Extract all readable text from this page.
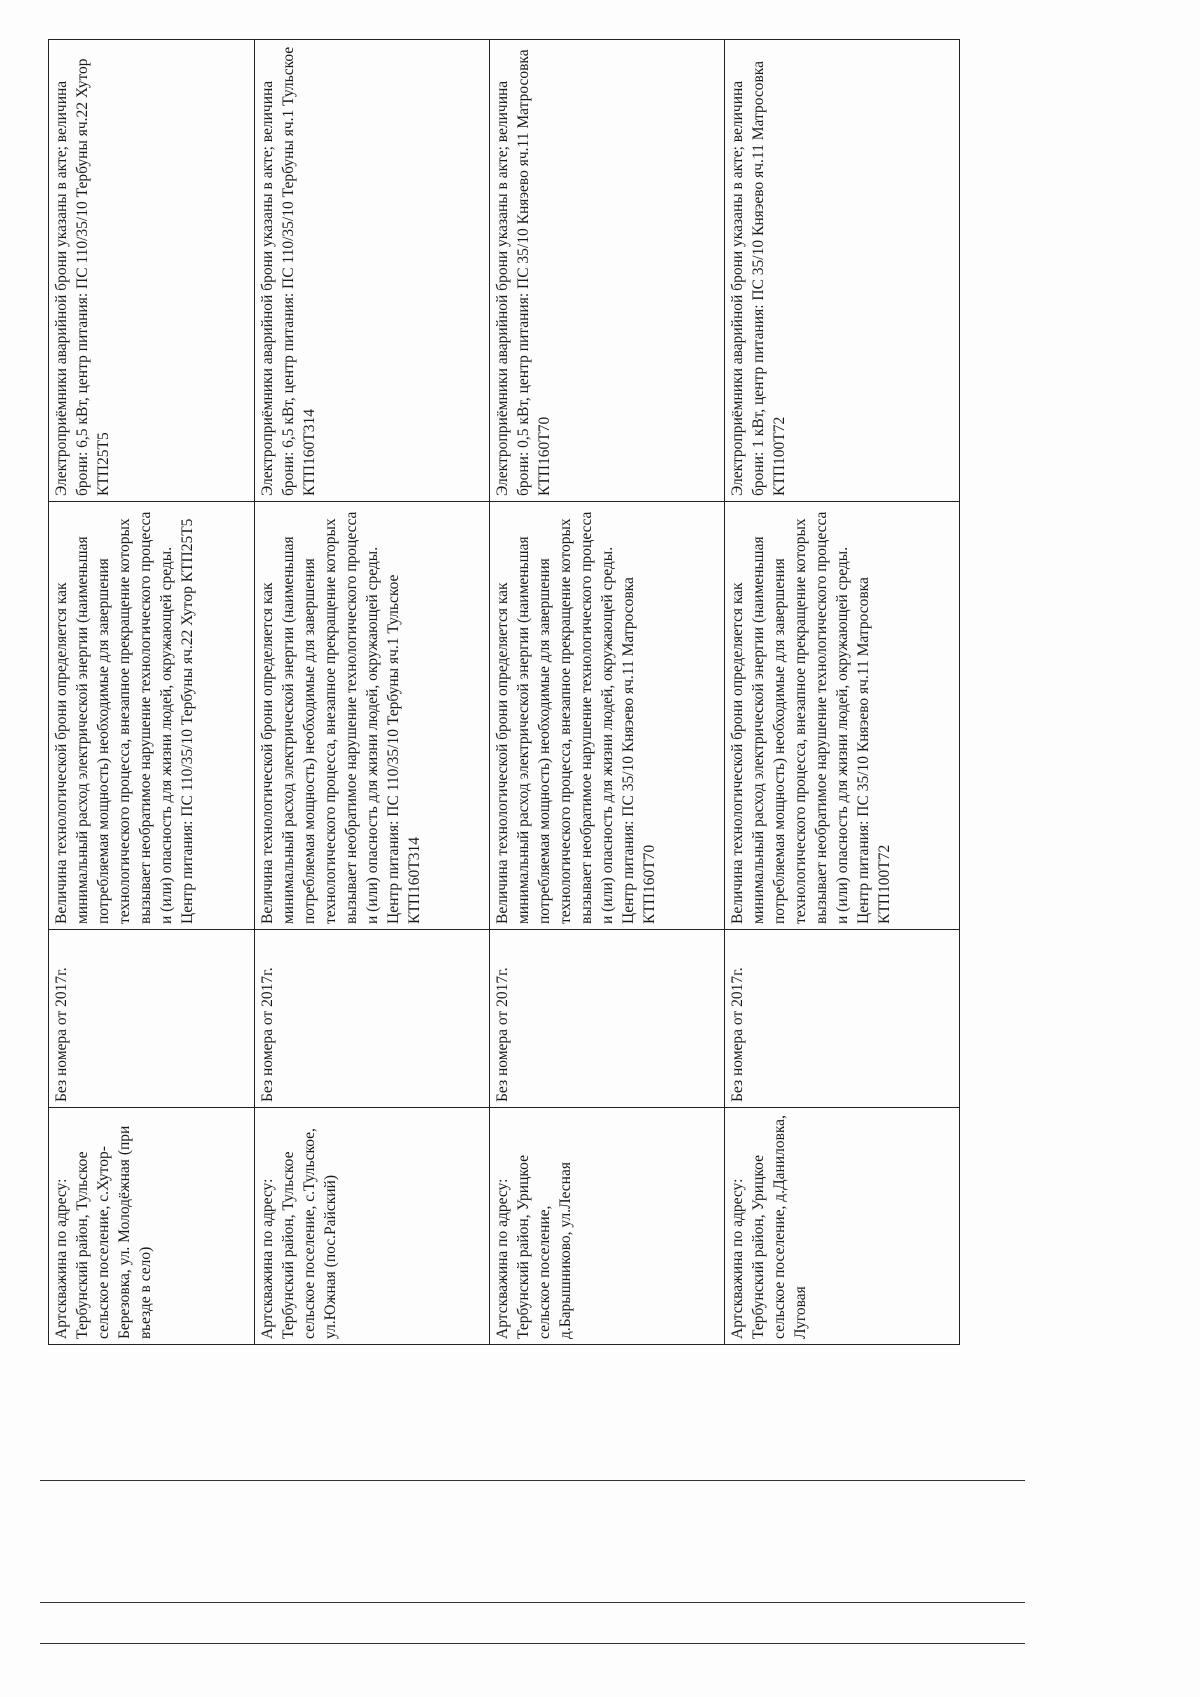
Артскважина по адресу: Тербунский район, Тульское сельское поселение, с.Хутор-Березовка, ул. Молодёжная (при въезде в село)	Без номера от 2017г.	Величина технологической брони определяется как минимальный расход электрической энергии (наименьшая потребляемая мощность) необходимые для завершения технологического процесса, внезапное прекращение которых вызывает необратимое нарушение технологического процесса и (или) опасность для жизни людей, окружающей среды. Центр питания: ПС 110/35/10 Тербуны яч.22 Хутор КТП25Т5	Электроприёмники аварийной брони указаны в акте; величина брони: 6,5 кВт, центр питания: ПС 110/35/10 Тербуны яч.22 Хутор КТП25Т5
Артскважина по адресу: Тербунский район, Тульское сельское поселение, с.Тульское, ул.Южная (пос.Райский)	Без номера от 2017г.	Величина технологической брони определяется как минимальный расход электрической энергии (наименьшая потребляемая мощность) необходимые для завершения технологического процесса, внезапное прекращение которых вызывает необратимое нарушение технологического процесса и (или) опасность для жизни людей, окружающей среды. Центр питания: ПС 110/35/10 Тербуны яч.1 Тульское КТП160Т314	Электроприёмники аварийной брони указаны в акте; величина брони: 6,5 кВт, центр питания: ПС 110/35/10 Тербуны яч.1 Тульское КТП160Т314
Артскважина по адресу: Тербунский район, Урицкое сельское поселение, д.Барышниково, ул.Лесная	Без номера от 2017г.	Величина технологической брони определяется как минимальный расход электрической энергии (наименьшая потребляемая мощность) необходимые для завершения технологического процесса, внезапное прекращение которых вызывает необратимое нарушение технологического процесса и (или) опасность для жизни людей, окружающей среды. Центр питания: ПС 35/10 Княэево яч.11 Матросовка КТП160Т70	Электроприёмники аварийной брони указаны в акте; величина брони: 0,5 кВт, центр питания: ПС 35/10 Княэево яч.11 Матросовка КТП160Т70
Артскважина по адресу: Тербунский район, Урицкое сельское поселение, д.Даниловка, Луговая	Без номера от 2017г.	Величина технологической брони определяется как минимальный расход электрической энергии (наименьшая потребляемая мощность) необходимые для завершения технологического процесса, внезапное прекращение которых вызывает необратимое нарушение технологического процесса и (или) опасность для жизни людей, окружающей среды. Центр питания: ПС 35/10 Княэево яч.11 Матросовка КТП100Т72	Электроприёмники аварийной брони указаны в акте; величина брони: 1 кВт, центр питания: ПС 35/10 Княэево яч.11 Матросовка КТП100Т72
